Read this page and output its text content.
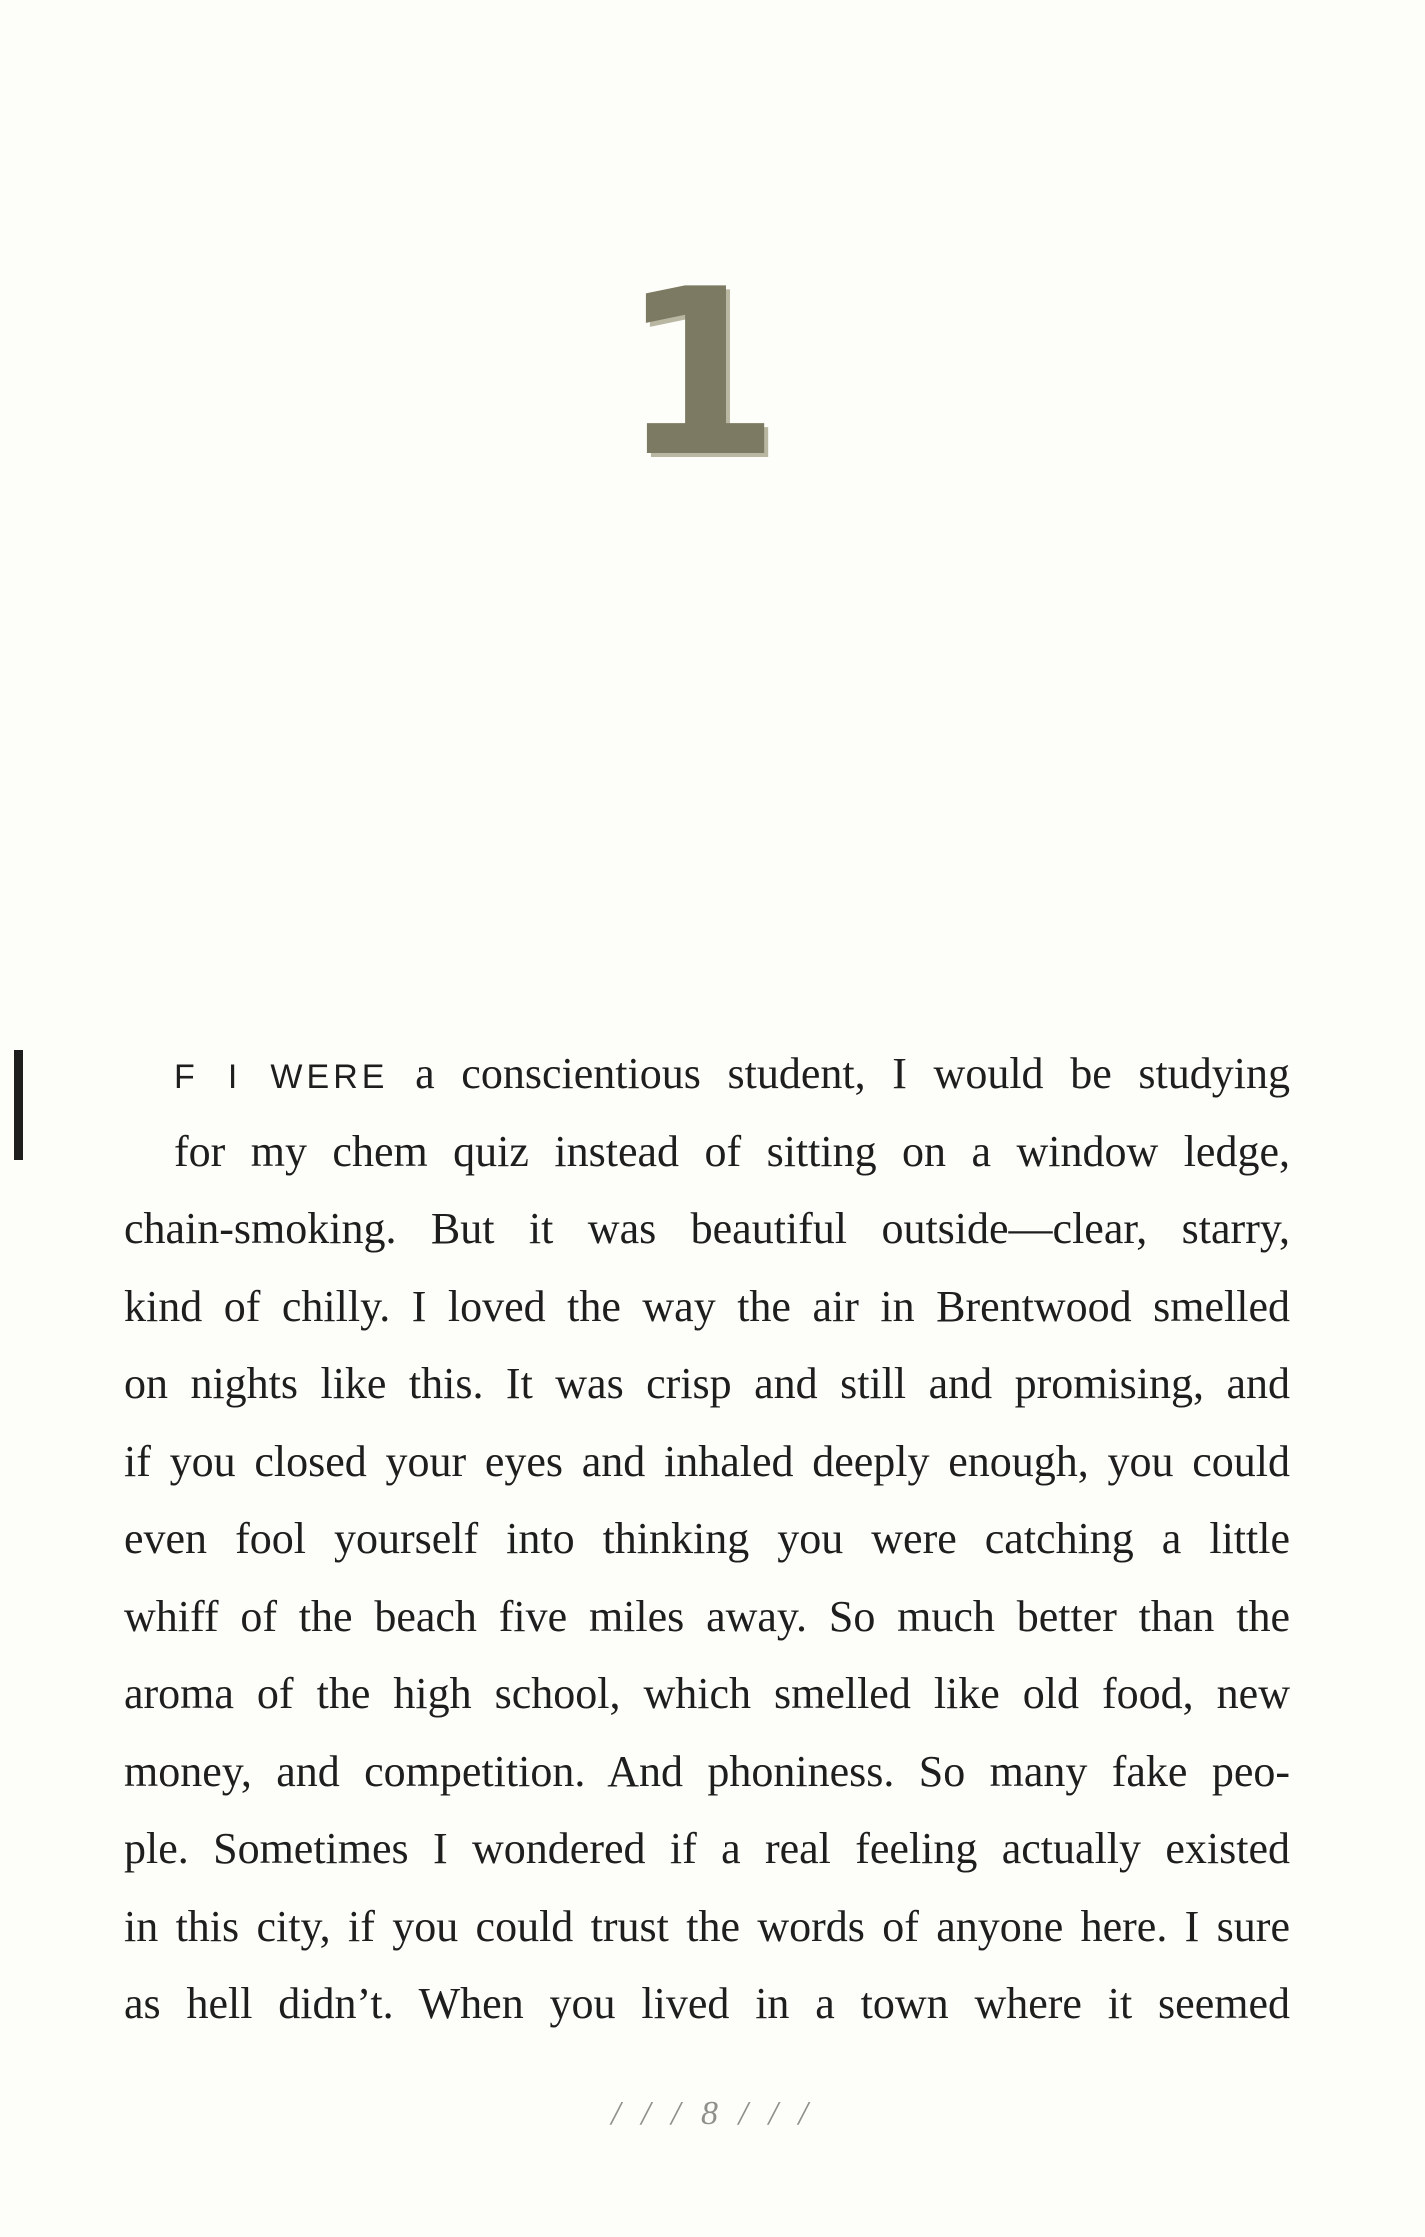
1
F I WERE a conscientious student, I would be studying
for my chem quiz instead of sitting on a window ledge,
chain-smoking. But it was beautiful outside—clear, starry,
kind of chilly. I loved the way the air in Brentwood smelled
on nights like this. It was crisp and still and promising, and
if you closed your eyes and inhaled deeply enough, you could
even fool yourself into thinking you were catching a little
whiff of the beach five miles away. So much better than the
aroma of the high school, which smelled like old food, new
money, and competition. And phoniness. So many fake peo-
ple. Sometimes I wondered if a real feeling actually existed
in this city, if you could trust the words of anyone here. I sure
as hell didn’t. When you lived in a town where it seemed
/ / / 8 / / /
